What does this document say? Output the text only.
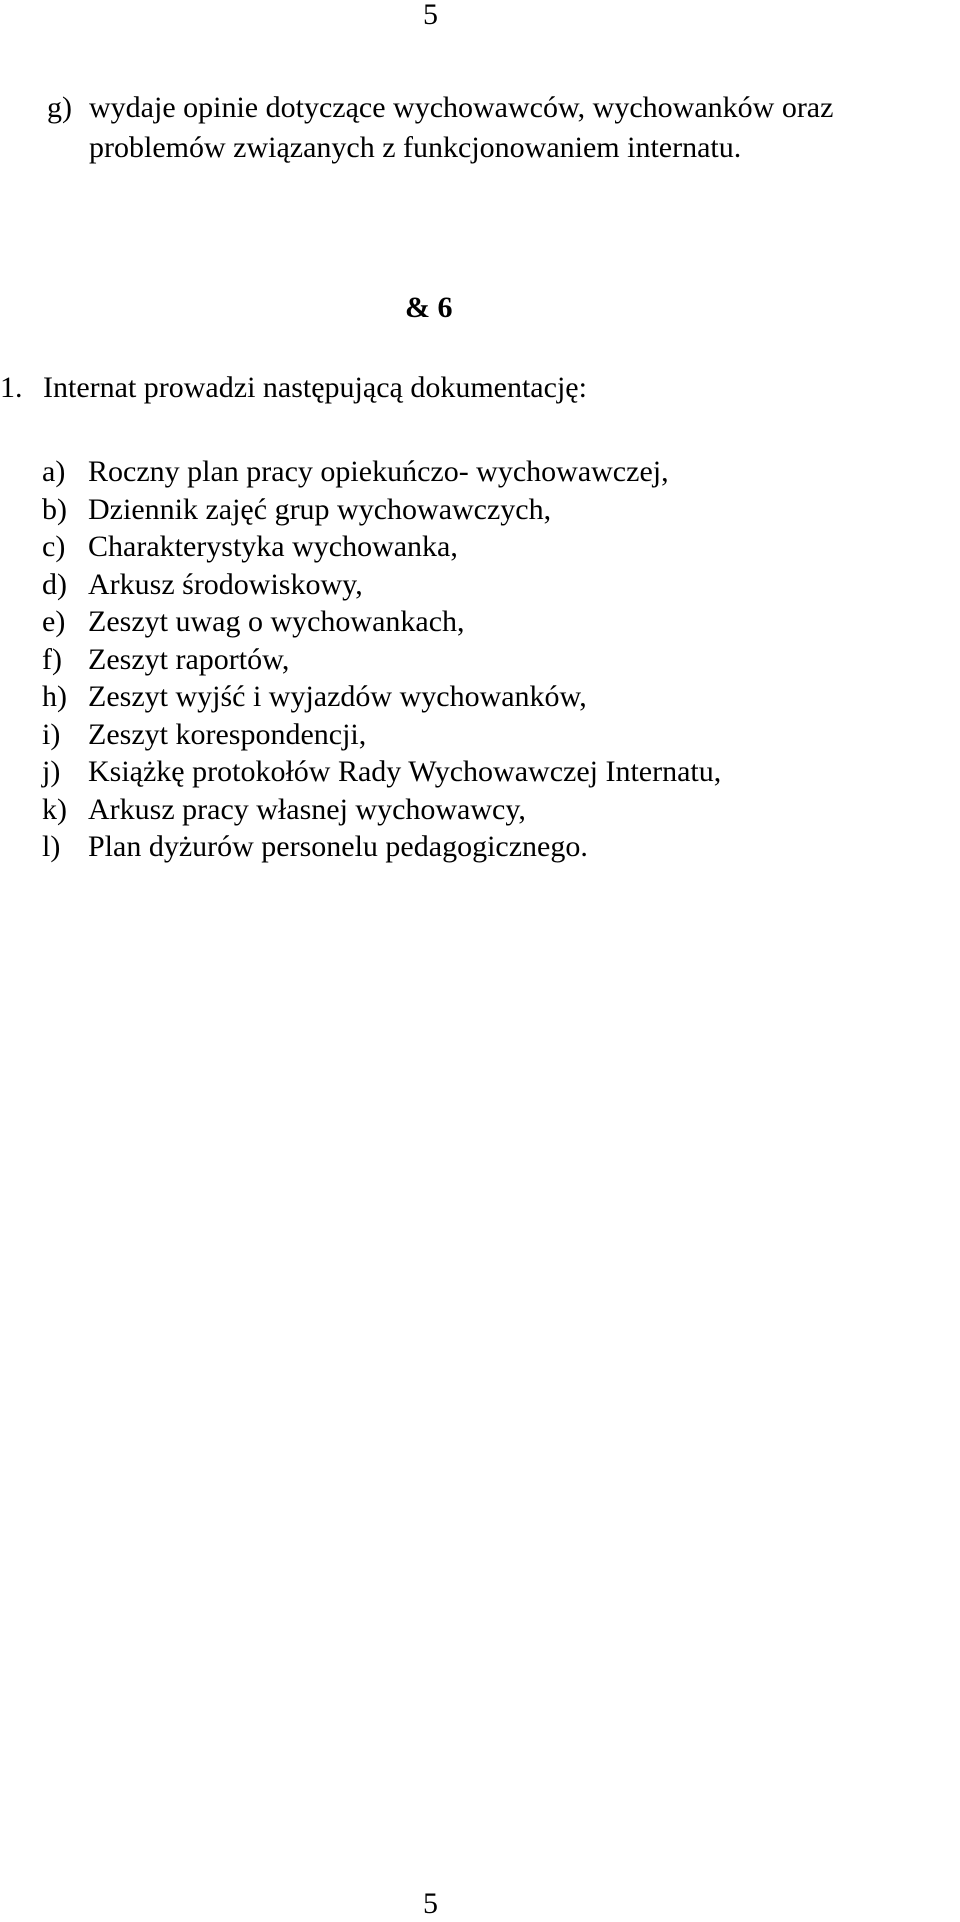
5
g) wydaje opinie dotyczące wychowawców, wychowanków oraz
problemów związanych z funkcjonowaniem internatu.
& 6
1. Internat prowadzi następującą dokumentację:
a) Roczny plan pracy opiekuńczo- wychowawczej,
b) Dziennik zajęć grup wychowawczych,
c) Charakterystyka wychowanka,
d) Arkusz środowiskowy,
e) Zeszyt uwag o wychowankach,
f) Zeszyt raportów,
h) Zeszyt wyjść i wyjazdów wychowanków,
i) Zeszyt korespondencji,
j) Książkę protokołów Rady Wychowawczej Internatu,
k) Arkusz pracy własnej wychowawcy,
l) Plan dyżurów personelu pedagogicznego.
5
